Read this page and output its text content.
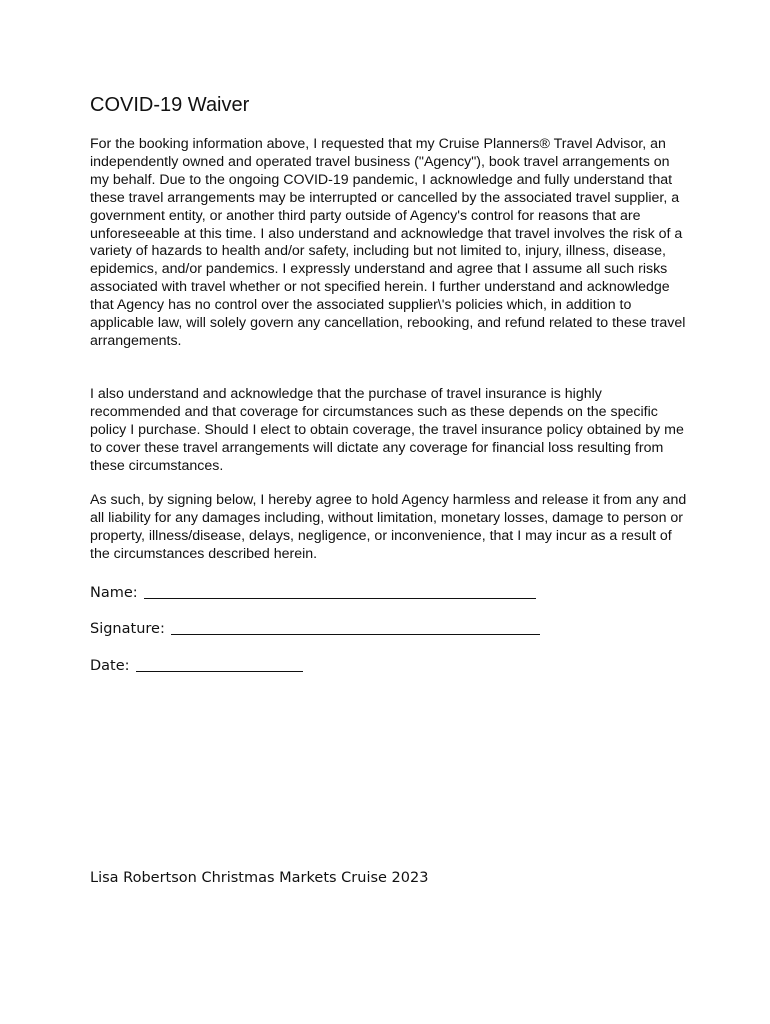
COVID-19 Waiver

For the booking information above, I requested that my Cruise Planners® Travel Advisor, an independently owned and operated travel business ("Agency"), book travel arrangements on my behalf. Due to the ongoing COVID-19 pandemic, I acknowledge and fully understand that these travel arrangements may be interrupted or cancelled by the associated travel supplier, a government entity, or another third party outside of Agency's control for reasons that are unforeseeable at this time. I also understand and acknowledge that travel involves the risk of a variety of hazards to health and/or safety, including but not limited to, injury, illness, disease, epidemics, and/or pandemics. I expressly understand and agree that I assume all such risks associated with travel whether or not specified herein. I further understand and acknowledge that Agency has no control over the associated supplier\'s policies which, in addition to applicable law, will solely govern any cancellation, rebooking, and refund related to these travel arrangements.

I also understand and acknowledge that the purchase of travel insurance is highly recommended and that coverage for circumstances such as these depends on the specific policy I purchase. Should I elect to obtain coverage, the travel insurance policy obtained by me to cover these travel arrangements will dictate any coverage for financial loss resulting from these circumstances.

As such, by signing below, I hereby agree to hold Agency harmless and release it from any and all liability for any damages including, without limitation, monetary losses, damage to person or property, illness/disease, delays, negligence, or inconvenience, that I may incur as a result of the circumstances described herein.

Name:
Signature:
Date:

Lisa Robertson Christmas Markets Cruise 2023
